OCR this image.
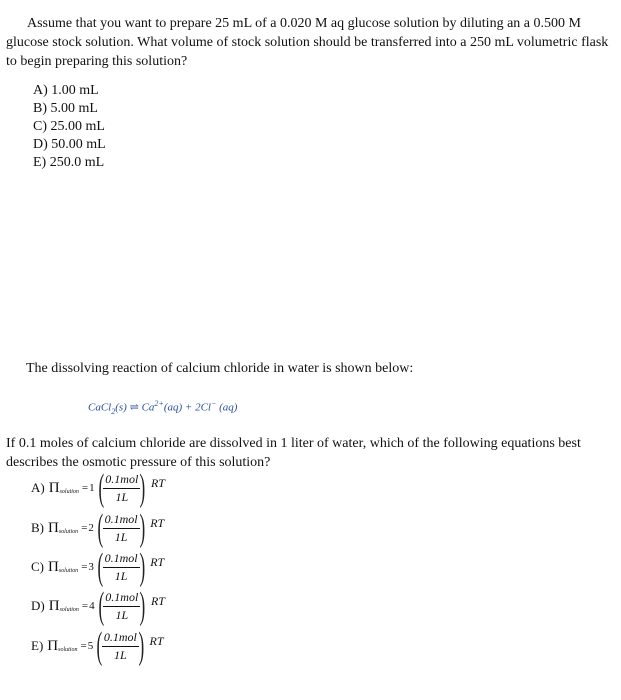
Assume that you want to prepare 25 mL of a 0.020 M aq glucose solution by diluting an a 0.500 M glucose stock solution. What volume of stock solution should be transferred into a 250 mL volumetric flask to begin preparing this solution?
A) 1.00 mL
B) 5.00 mL
C) 25.00 mL
D) 50.00 mL
E) 250.0 mL
The dissolving reaction of calcium chloride in water is shown below:
CaCl$_2$(s) ⇌ $Ca^{2+}(aq) + 2Cl^-$ (aq)
If 0.1 moles of calcium chloride are dissolved in 1 liter of water, which of the following equations best describes the osmotic pressure of this solution?
A) Π solution = 1 ( $\frac{\text{0.1mol}}{1L}$ ) RT
B) Π solution = 2 ( $\frac{\text{0.1mol}}{1L}$ ) RT
C) Π solution = 3 ( $\frac{\text{0.1mol}}{1L}$ ) RT
D) Π solution = 4 ( $\frac{\text{0.1mol}}{1L}$ ) RT
E) Π solution = 5 ( $\frac{\text{0.1mol}}{1L}$ ) RT
